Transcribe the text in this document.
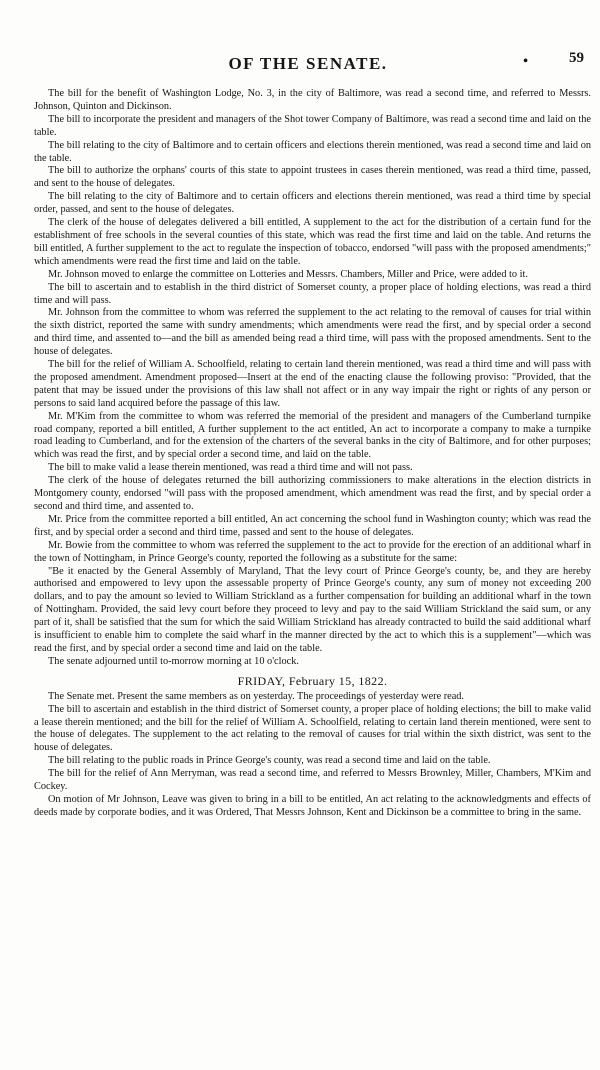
OF THE SENATE.	•	59

The bill for the benefit of Washington Lodge, No. 3, in the city of Baltimore, was read a second time, and referred to Messrs. Johnson, Quinton and Dickinson.

The bill to incorporate the president and managers of the Shot tower Company of Baltimore, was read a second time and laid on the table.

The bill relating to the city of Baltimore and to certain officers and elections therein mentioned, was read a second time and laid on the table.

The bill to authorize the orphans' courts of this state to appoint trustees in cases therein mentioned, was read a third time, passed, and sent to the house of delegates.

The bill relating to the city of Baltimore and to certain officers and elections therein mentioned, was read a third time by special order, passed, and sent to the house of delegates.

The clerk of the house of delegates delivered a bill entitled, A supplement to the act for the distribution of a certain fund for the establishment of free schools in the several counties of this state, which was read the first time and laid on the table. And returns the bill entitled, A further supplement to the act to regulate the inspection of tobacco, endorsed "will pass with the proposed amendments;" which amendments were read the first time and laid on the table.

Mr. Johnson moved to enlarge the committee on Lotteries and Messrs. Chambers, Miller and Price, were added to it.

The bill to ascertain and to establish in the third district of Somerset county, a proper place of holding elections, was read a third time and will pass.

Mr. Johnson from the committee to whom was referred the supplement to the act relating to the removal of causes for trial within the sixth district, reported the same with sundry amendments; which amendments were read the first, and by special order a second and third time, and assented to—and the bill as amended being read a third time, will pass with the proposed amendments. Sent to the house of delegates.

The bill for the relief of William A. Schoolfield, relating to certain land therein mentioned, was read a third time and will pass with the proposed amendment. Amendment proposed—Insert at the end of the enacting clause the following proviso: "Provided, that the patent that may be issued under the provisions of this law shall not affect or in any way impair the right or rights of any person or persons to said land acquired before the passage of this law.

Mr. M'Kim from the committee to whom was referred the memorial of the president and managers of the Cumberland turnpike road company, reported a bill entitled, A further supplement to the act entitled, An act to incorporate a company to make a turnpike road leading to Cumberland, and for the extension of the charters of the several banks in the city of Baltimore, and for other purposes; which was read the first, and by special order a second time, and laid on the table.

The bill to make valid a lease therein mentioned, was read a third time and will not pass.

The clerk of the house of delegates returned the bill authorizing commissioners to make alterations in the election districts in Montgomery county, endorsed "will pass with the proposed amendment, which amendment was read the first, and by special order a second and third time, and assented to.

Mr. Price from the committee reported a bill entitled, An act concerning the school fund in Washington county; which was read the first, and by special order a second and third time, passed and sent to the house of delegates.

Mr. Bowie from the committee to whom was referred the supplement to the act to provide for the erection of an additional wharf in the town of Nottingham, in Prince George's county, reported the following as a substitute for the same:

"Be it enacted by the General Assembly of Maryland, That the levy court of Prince George's county, be, and they are hereby authorised and empowered to levy upon the assessable property of Prince George's county, any sum of money not exceeding 200 dollars, and to pay the amount so levied to William Strickland as a further compensation for building an additional wharf in the town of Nottingham. Provided, the said levy court before they proceed to levy and pay to the said William Strickland the said sum, or any part of it, shall be satisfied that the sum for which the said William Strickland has already contracted to build the said additional wharf is insufficient to enable him to complete the said wharf in the manner directed by the act to which this is a supplement"—which was read the first, and by special order a second time and laid on the table.

The senate adjourned until to-morrow morning at 10 o'clock.

FRIDAY, February 15, 1822.

The Senate met. Present the same members as on yesterday. The proceedings of yesterday were read.

The bill to ascertain and establish in the third district of Somerset county, a proper place of holding elections; the bill to make valid a lease therein mentioned; and the bill for the relief of William A. Schoolfield, relating to certain land therein mentioned, were sent to the house of delegates. The supplement to the act relating to the removal of causes for trial within the sixth district, was sent to the house of delegates.

The bill relating to the public roads in Prince George's county, was read a second time and laid on the table.

The bill for the relief of Ann Merryman, was read a second time, and referred to Messrs Brownley, Miller, Chambers, M'Kim and Cockey.

On motion of Mr Johnson, Leave was given to bring in a bill to be entitled, An act relating to the acknowledgments and effects of deeds made by corporate bodies, and it was Ordered, That Messrs Johnson, Kent and Dickinson be a committee to bring in the same.
